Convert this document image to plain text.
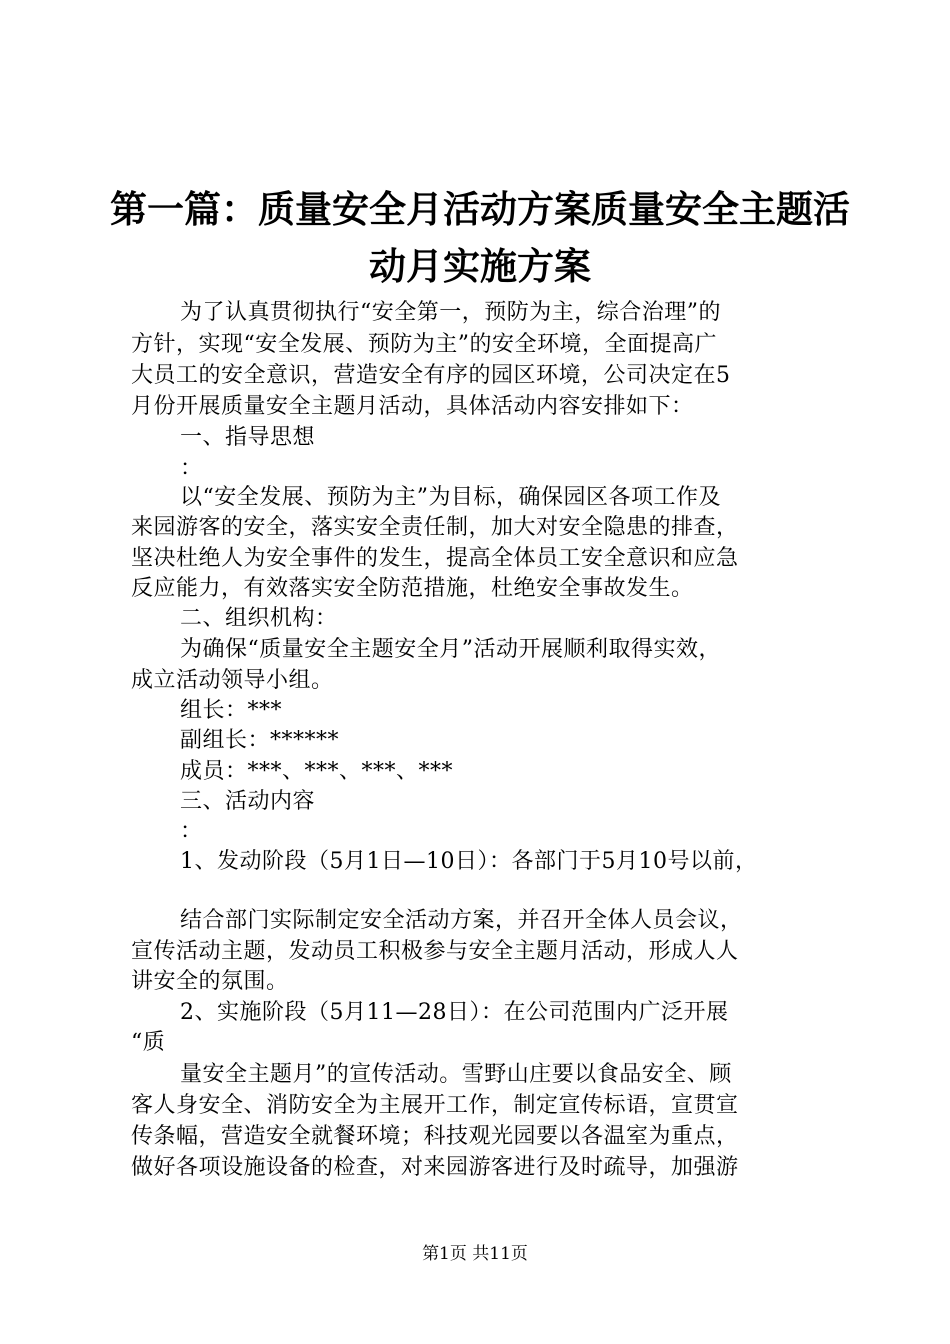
第一篇：质量安全月活动方案质量安全主题活
动月实施方案

为了认真贯彻执行“安全第一，预防为主，综合治理”的

方针，实现“安全发展、预防为主”的安全环境，全面提高广

大员工的安全意识，营造安全有序的园区环境，公司决定在5

月份开展质量安全主题月活动，具体活动内容安排如下：

一、指导思想

：

以“安全发展、预防为主”为目标，确保园区各项工作及

来园游客的安全，落实安全责任制，加大对安全隐患的排查，

坚决杜绝人为安全事件的发生，提高全体员工安全意识和应急

反应能力，有效落实安全防范措施，杜绝安全事故发生。

二、组织机构：

为确保“质量安全主题安全月”活动开展顺利取得实效，

成立活动领导小组。

组长：***

副组长：******

成员：***、***、***、***

三、活动内容

：

1、发动阶段（5月1日—10日）：各部门于5月10号以前，

结合部门实际制定安全活动方案，并召开全体人员会议，

宣传活动主题，发动员工积极参与安全主题月活动，形成人人

讲安全的氛围。

2、实施阶段（5月11—28日）：在公司范围内广泛开展

“质

量安全主题月”的宣传活动。雪野山庄要以食品安全、顾

客人身安全、消防安全为主展开工作，制定宣传标语，宣贯宣

传条幅，营造安全就餐环境；科技观光园要以各温室为重点，

做好各项设施设备的检查，对来园游客进行及时疏导，加强游

第1页 共11页
